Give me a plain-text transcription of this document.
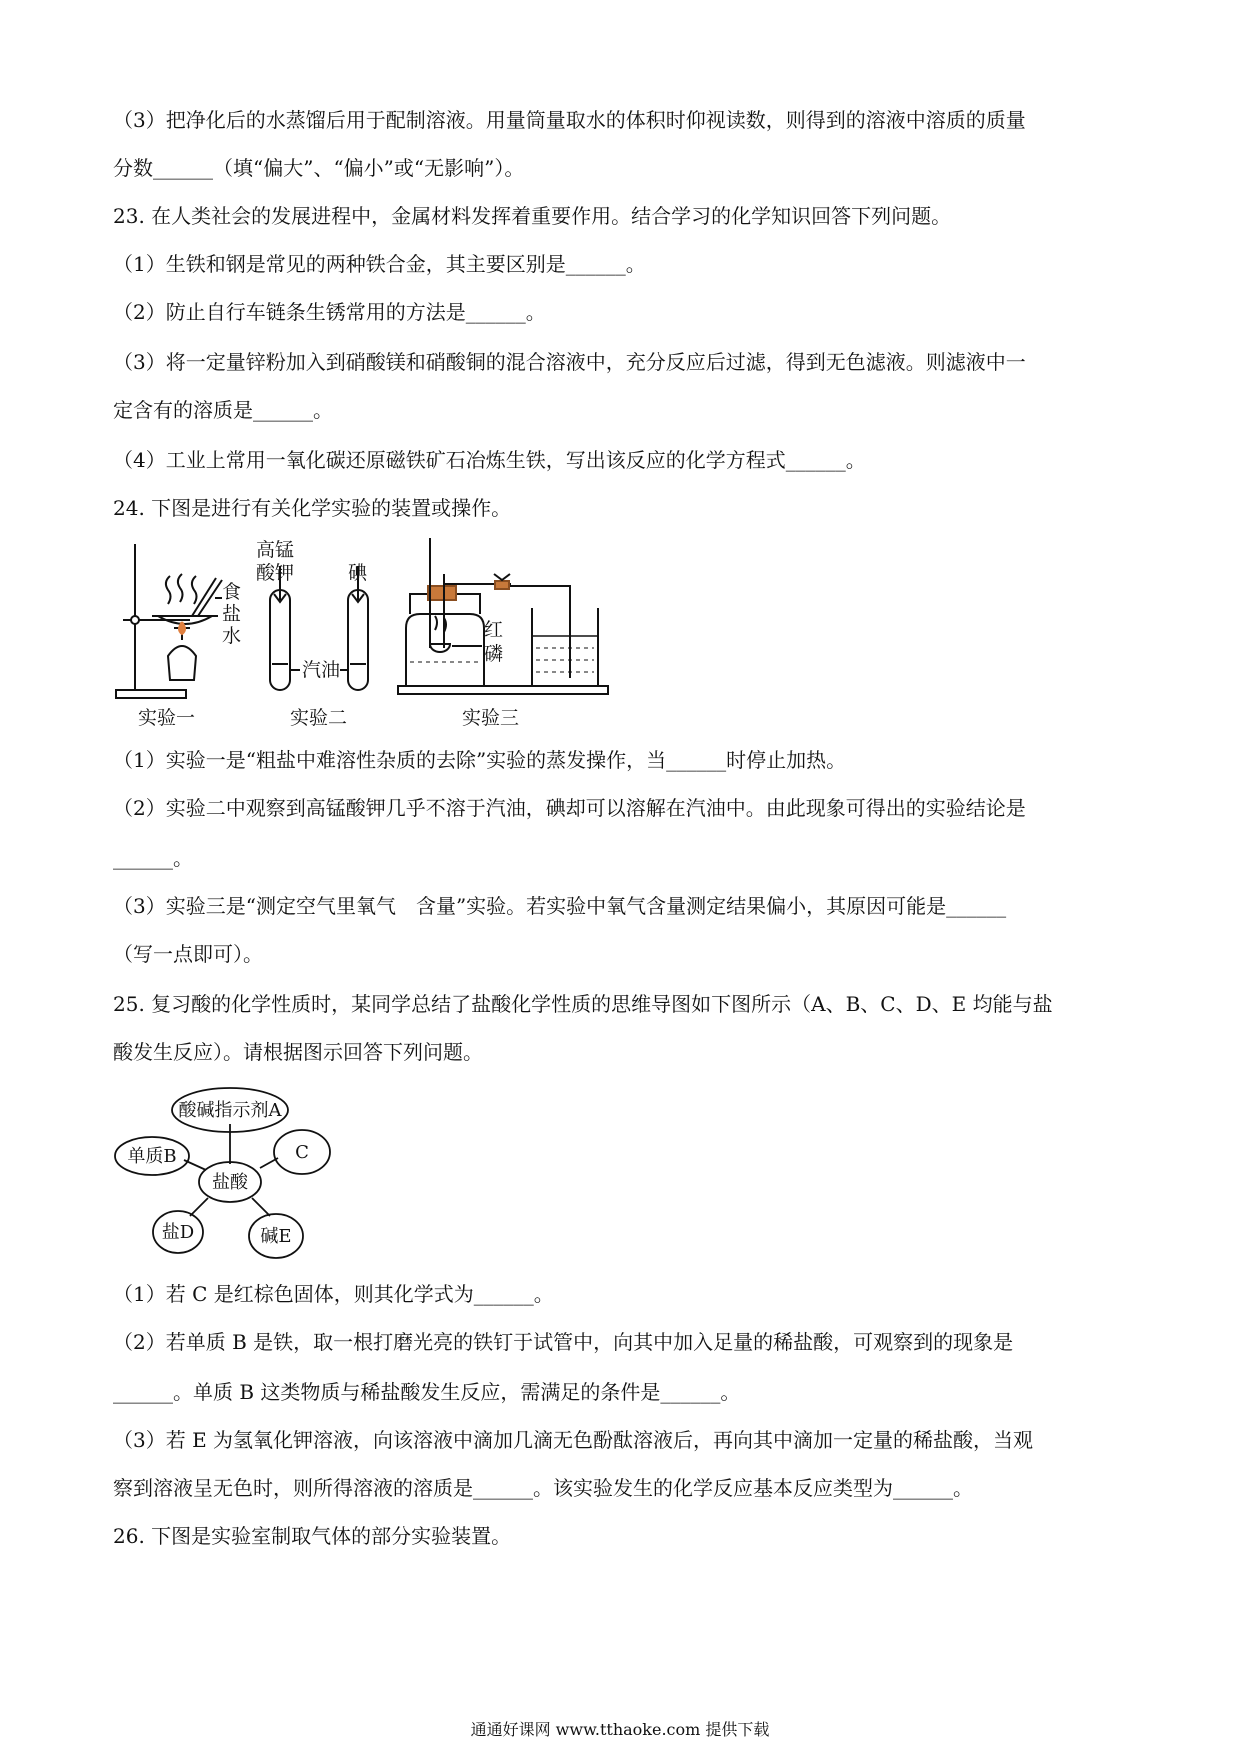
（3）把净化后的水蒸馏后用于配制溶液。用量筒量取水的体积时仰视读数，则得到的溶液中溶质的质量
分数______（填“偏大”、“偏小”或“无影响”）。
23. 在人类社会的发展进程中，金属材料发挥着重要作用。结合学习的化学知识回答下列问题。
（1）生铁和钢是常见的两种铁合金，其主要区别是______。
（2）防止自行车链条生锈常用的方法是______。
（3）将一定量锌粉加入到硝酸镁和硝酸铜的混合溶液中，充分反应后过滤，得到无色滤液。则滤液中一
定含有的溶质是______。
（4）工业上常用一氧化碳还原磁铁矿石冶炼生铁，写出该反应的化学方程式______。
24. 下图是进行有关化学实验的装置或操作。
食
盐
水
实验一
高锰
酸钾	碘
汽油
实验二
红
磷
实验三
（1）实验一是“粗盐中难溶性杂质的去除”实验的蒸发操作，当______时停止加热。
（2）实验二中观察到高锰酸钾几乎不溶于汽油，碘却可以溶解在汽油中。由此现象可得出的实验结论是
______。
（3）实验三是“测定空气里氧气　含量”实验。若实验中氧气含量测定结果偏小，其原因可能是______
（写一点即可）。
25. 复习酸的化学性质时，某同学总结了盐酸化学性质的思维导图如下图所示（A、B、C、D、E 均能与盐
酸发生反应）。请根据图示回答下列问题。
酸碱指示剂A
单质B	C
盐酸
盐D	碱E
（1）若 C 是红棕色固体，则其化学式为______。
（2）若单质 B 是铁，取一根打磨光亮的铁钉于试管中，向其中加入足量的稀盐酸，可观察到的现象是
______。单质 B 这类物质与稀盐酸发生反应，需满足的条件是______。
（3）若 E 为氢氧化钾溶液，向该溶液中滴加几滴无色酚酞溶液后，再向其中滴加一定量的稀盐酸，当观
察到溶液呈无色时，则所得溶液的溶质是______。该实验发生的化学反应基本反应类型为______。
26. 下图是实验室制取气体的部分实验装置。
通通好课网 www.tthaoke.com 提供下载
